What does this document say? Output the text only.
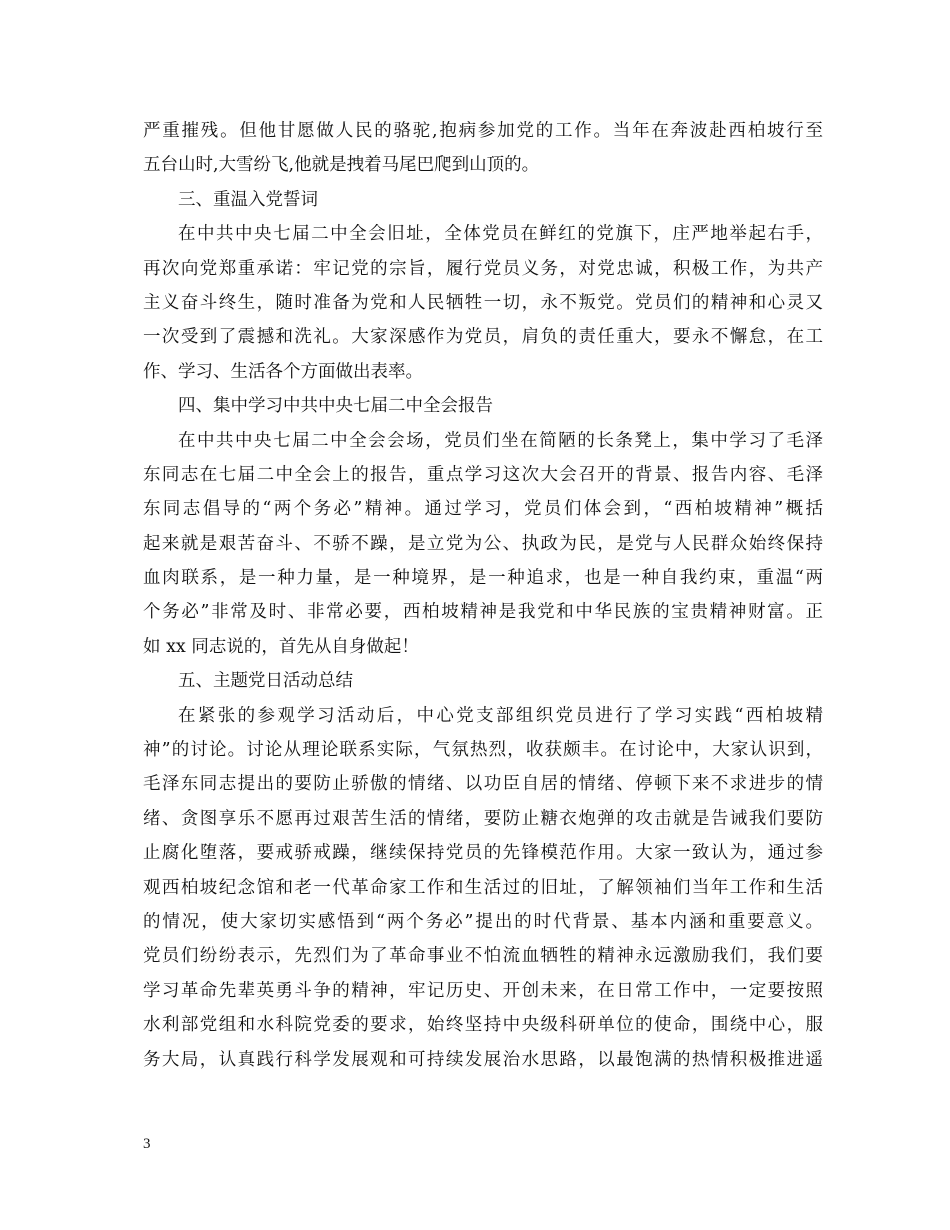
严重摧残。但他甘愿做人民的骆驼,抱病参加党的工作。当年在奔波赴西柏坡行至
五台山时,大雪纷飞,他就是拽着马尾巴爬到山顶的。
三、重温入党誓词
在中共中央七届二中全会旧址，全体党员在鲜红的党旗下，庄严地举起右手，
再次向党郑重承诺：牢记党的宗旨，履行党员义务，对党忠诚，积极工作，为共产
主义奋斗终生，随时准备为党和人民牺牲一切，永不叛党。党员们的精神和心灵又
一次受到了震撼和洗礼。大家深感作为党员，肩负的责任重大，要永不懈怠，在工
作、学习、生活各个方面做出表率。
四、集中学习中共中央七届二中全会报告
在中共中央七届二中全会会场，党员们坐在简陋的长条凳上，集中学习了毛泽
东同志在七届二中全会上的报告，重点学习这次大会召开的背景、报告内容、毛泽
东同志倡导的“两个务必”精神。通过学习，党员们体会到，“西柏坡精神”概括
起来就是艰苦奋斗、不骄不躁，是立党为公、执政为民，是党与人民群众始终保持
血肉联系，是一种力量，是一种境界，是一种追求，也是一种自我约束，重温“两
个务必”非常及时、非常必要，西柏坡精神是我党和中华民族的宝贵精神财富。正
如 xx 同志说的，首先从自身做起！
五、主题党日活动总结
在紧张的参观学习活动后，中心党支部组织党员进行了学习实践“西柏坡精
神”的讨论。讨论从理论联系实际，气氛热烈，收获颇丰。在讨论中，大家认识到，
毛泽东同志提出的要防止骄傲的情绪、以功臣自居的情绪、停顿下来不求进步的情
绪、贪图享乐不愿再过艰苦生活的情绪，要防止糖衣炮弹的攻击就是告诫我们要防
止腐化堕落，要戒骄戒躁，继续保持党员的先锋模范作用。大家一致认为，通过参
观西柏坡纪念馆和老一代革命家工作和生活过的旧址，了解领袖们当年工作和生活
的情况，使大家切实感悟到“两个务必”提出的时代背景、基本内涵和重要意义。
党员们纷纷表示，先烈们为了革命事业不怕流血牺牲的精神永远激励我们，我们要
学习革命先辈英勇斗争的精神，牢记历史、开创未来，在日常工作中，一定要按照
水利部党组和水科院党委的要求，始终坚持中央级科研单位的使命，围绕中心，服
务大局，认真践行科学发展观和可持续发展治水思路，以最饱满的热情积极推进遥
3
